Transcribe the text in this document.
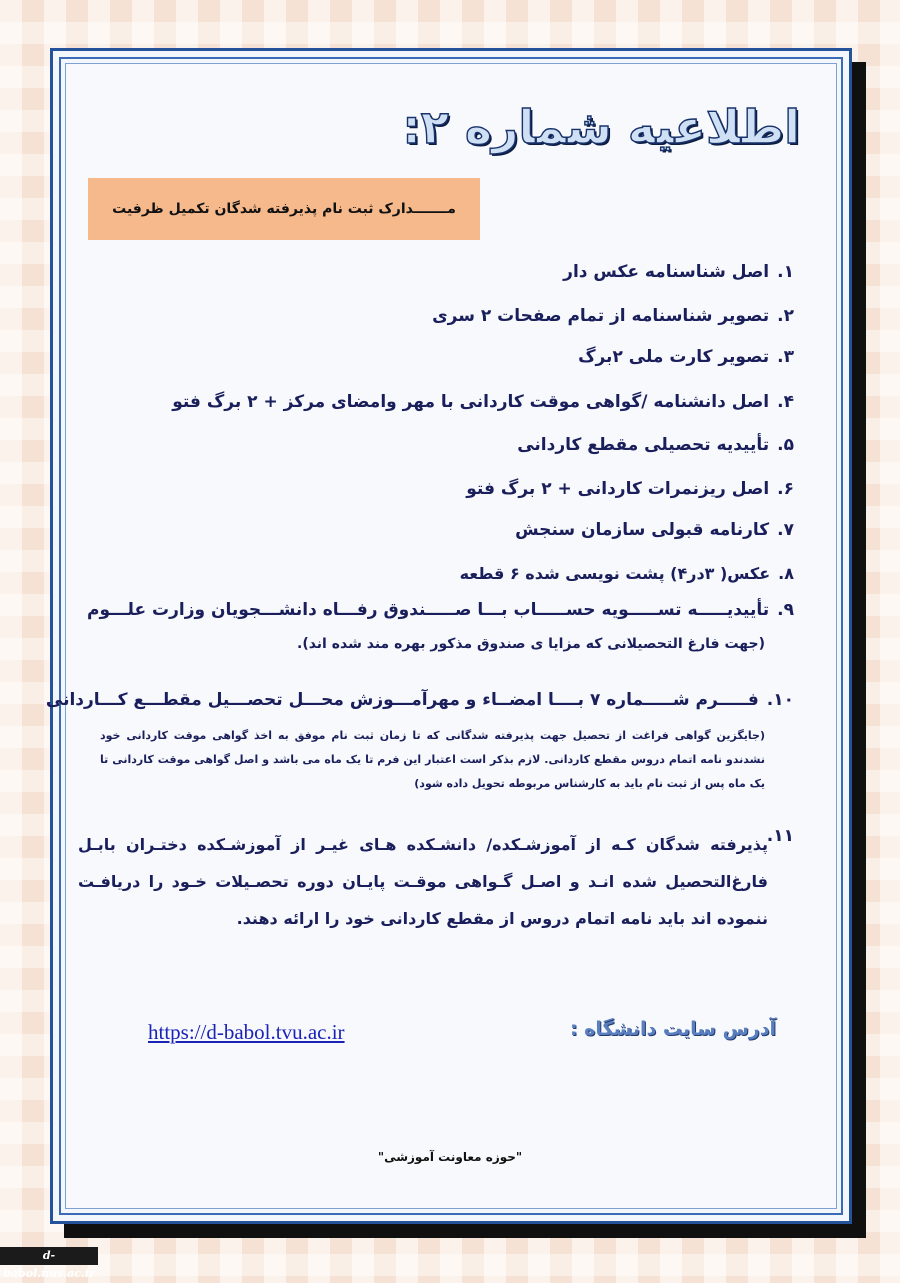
اطلاعیه شماره ۲:
مـــــــدارک ثبت نام پذیرفته شدگان تکمیل ظرفیت
۱.اصل شناسنامه عکس دار
۲.تصویر شناسنامه از تمام صفحات ۲ سری
۳.تصویر کارت ملی ۲برگ
۴.اصل دانشنامه /گواهی موقت کاردانی با مهر وامضای مرکز + ۲ برگ فتو
۵.تأییدیه تحصیلی مقطع کاردانی
۶.اصل ریزنمرات کاردانی + ۲ برگ فتو
۷.کارنامه قبولی سازمان سنجش
۸.عکس( ۳در۴) پشت نویسی شده ۶ قطعه
۹.تأییدیـــــه تســـــویه حســـــاب بـــا صـــــندوق رفـــاه دانشـــجویان وزارت علـــوم
(جهت فارغ التحصیلانی که مزایا ی صندوق مذکور بهره مند شده اند).
۱۰.فـــــرم شـــــماره ۷ بــــا امضــاء و مهرآمـــوزش محـــل تحصـــیل مقطـــع کـــاردانی
(جایگزین گواهی فراغت از تحصیل جهت پذیرفته شدگانی که تا زمان ثبت نام موفق به اخذ گواهی موقت کاردانی خود نشدندو نامه اتمام دروس مقطع کاردانی. لازم بذکر است اعتبار این فرم تا یک ماه می باشد و اصل گواهی موقت کاردانی تا یک ماه پس از ثبت نام باید به کارشناس مربوطه تحویل داده شود)
۱۱.
پذیرفته شدگان کـه از آموزشـکده/ دانشـکده هـای غیـر از آموزشـکده دختـران بابـل فارغ‌التحصیل شده انـد و اصـل گـواهی موقـت پایـان دوره تحصـیلات خـود را دریافـت ننموده اند باید نامه اتمام دروس از مقطع کاردانی خود را ارائه دهند.
آدرس سایت دانشگاه :
https://d-babol.tvu.ac.ir
"حوزه معاونت آموزشی"
d-babol.nus.ac.ir
